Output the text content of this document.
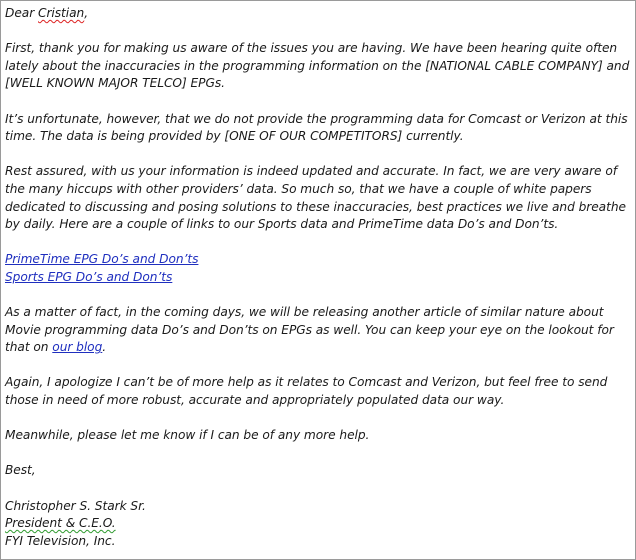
Dear Cristian,

First, thank you for making us aware of the issues you are having. We have been hearing quite often lately about the inaccuracies in the programming information on the [NATIONAL CABLE COMPANY] and [WELL KNOWN MAJOR TELCO] EPGs.

It’s unfortunate, however, that we do not provide the programming data for Comcast or Verizon at this time. The data is being provided by [ONE OF OUR COMPETITORS] currently.

Rest assured, with us your information is indeed updated and accurate. In fact, we are very aware of the many hiccups with other providers’ data. So much so, that we have a couple of white papers dedicated to discussing and posing solutions to these inaccuracies, best practices we live and breathe by daily. Here are a couple of links to our Sports data and PrimeTime data Do’s and Don’ts.

PrimeTime EPG Do’s and Don’ts
Sports EPG Do’s and Don’ts

As a matter of fact, in the coming days, we will be releasing another article of similar nature about Movie programming data Do’s and Don’ts on EPGs as well. You can keep your eye on the lookout for that on our blog.

Again, I apologize I can’t be of more help as it relates to Comcast and Verizon, but feel free to send those in need of more robust, accurate and appropriately populated data our way.

Meanwhile, please let me know if I can be of any more help.

Best,

Christopher S. Stark Sr.

President & C.E.O.

FYI Television, Inc.
